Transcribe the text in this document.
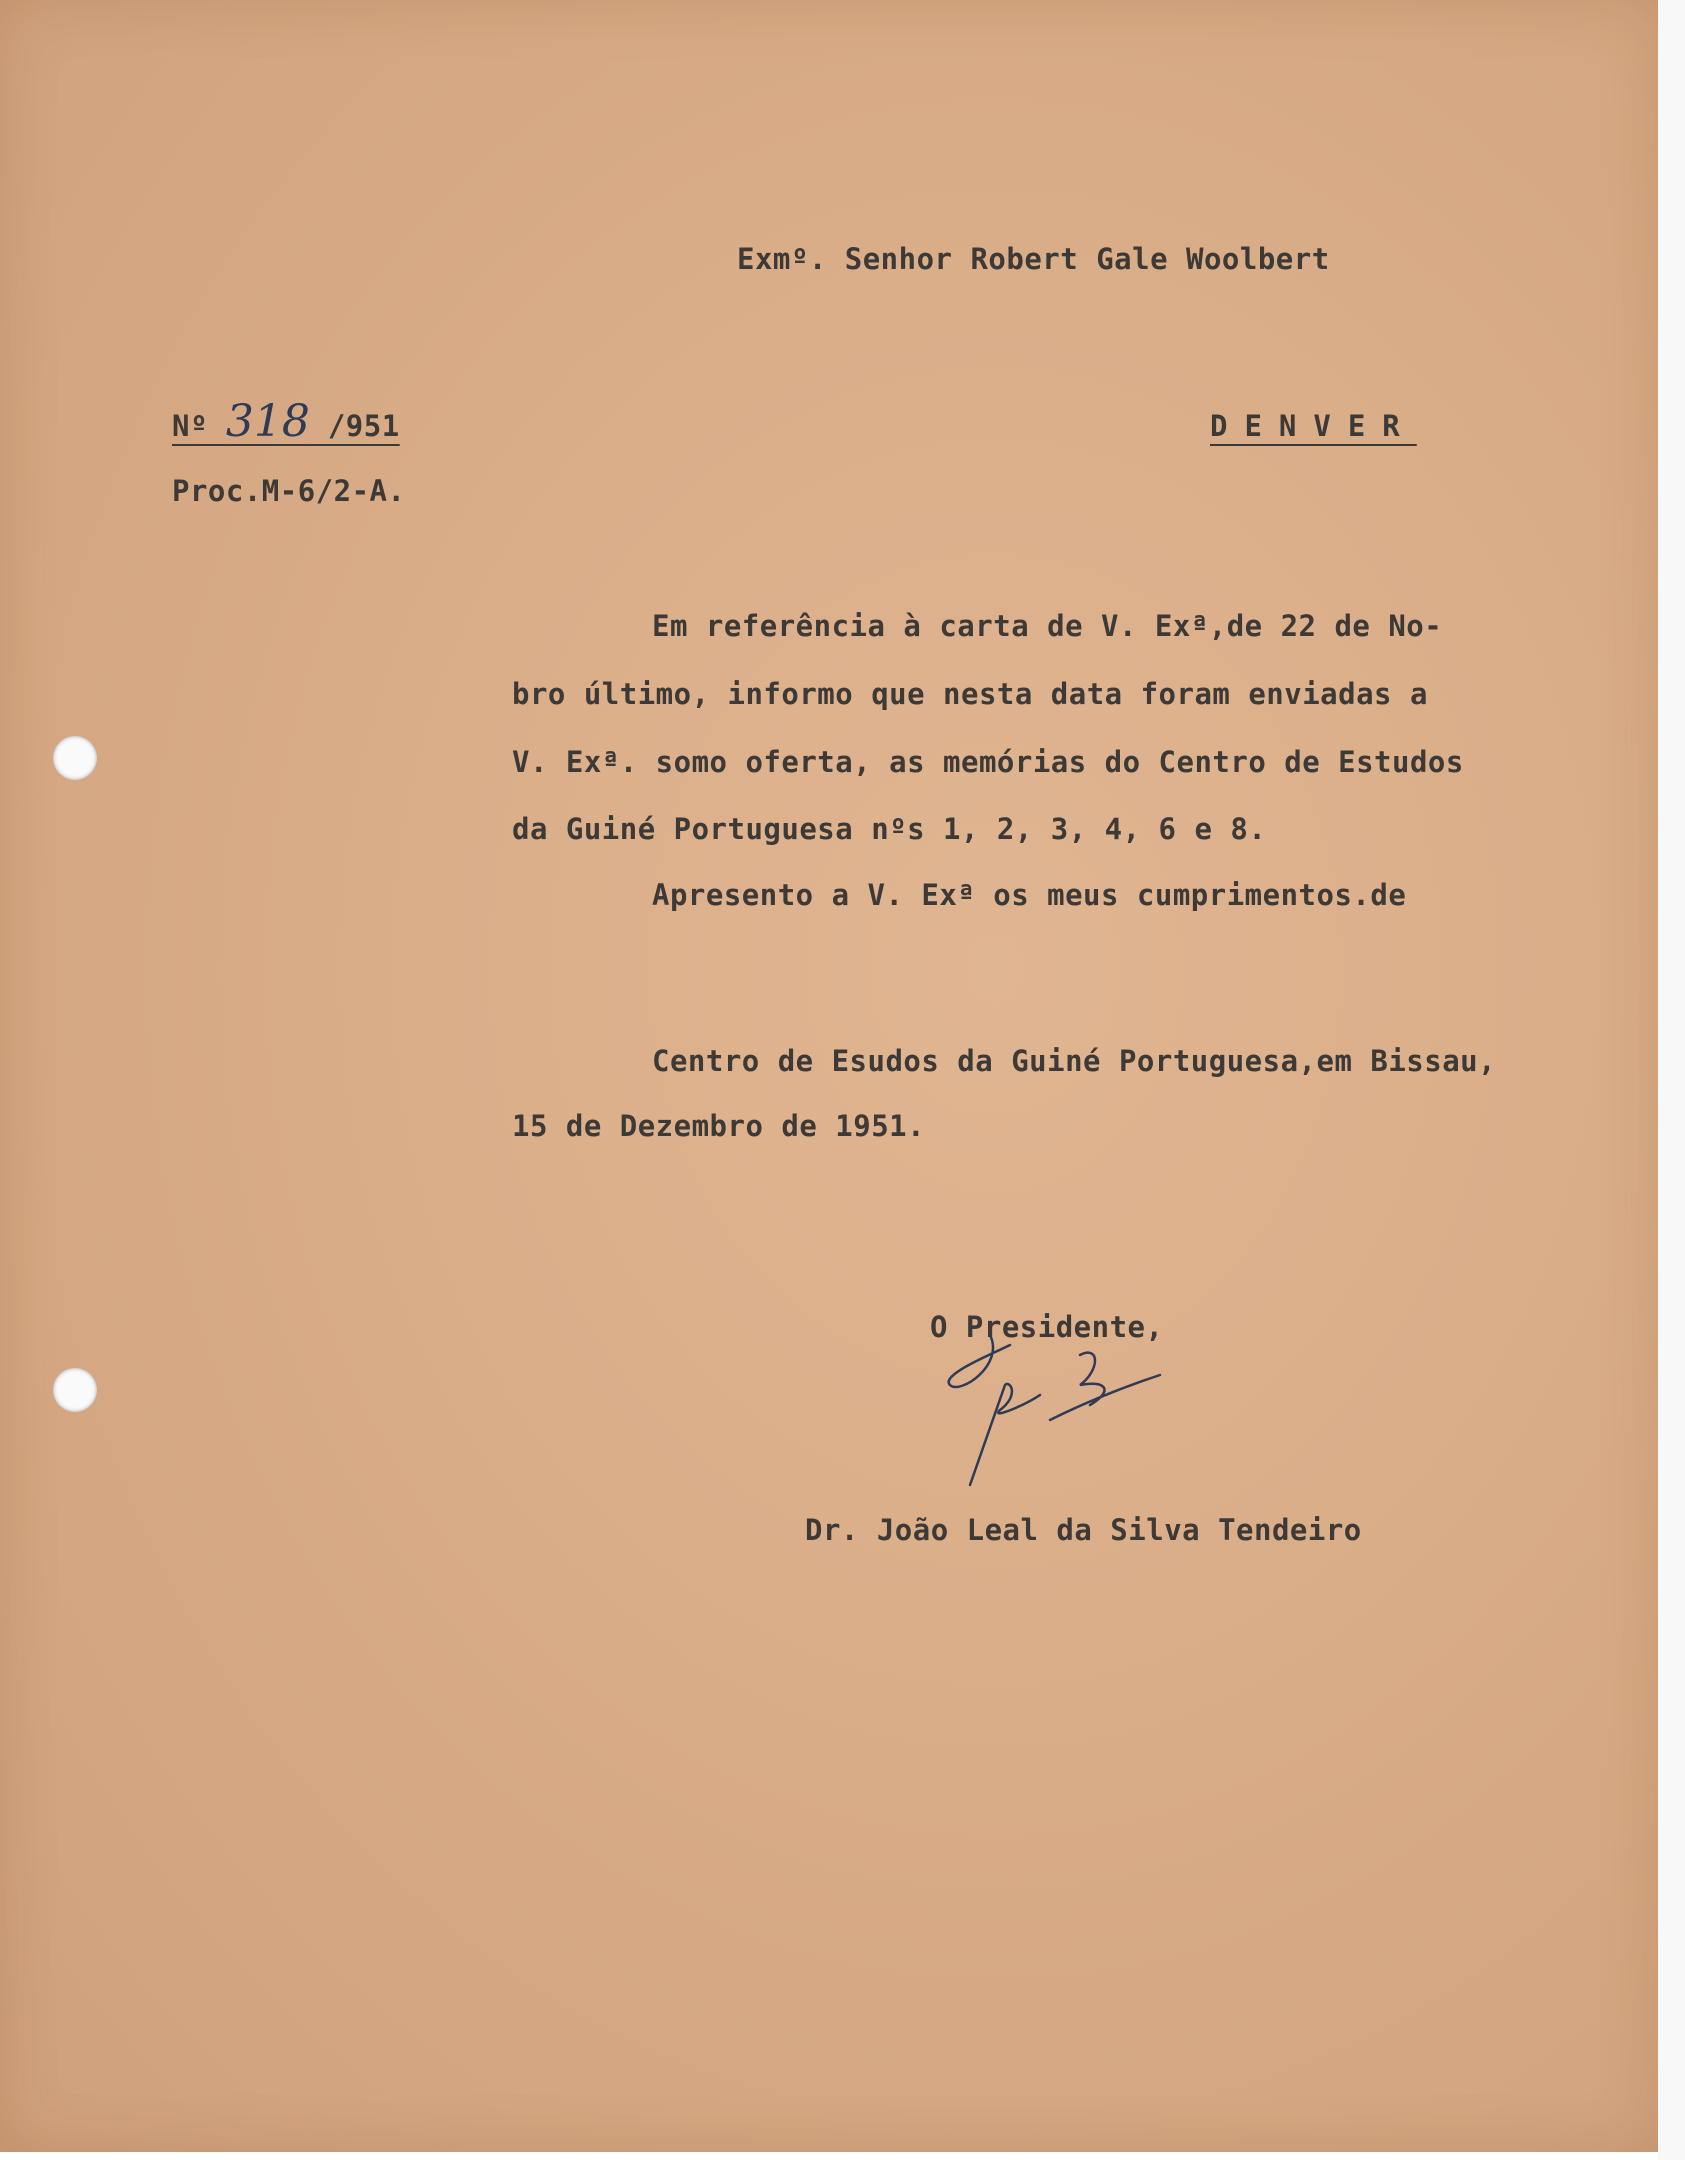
Exmº. Senhor Robert Gale Woolbert

Nº 318 /951	DENVER

Proc.M-6/2-A.

Em referência à carta de V. Exª,de 22 de No-

bro último, informo que nesta data foram enviadas a

V. Exª. somo oferta, as memórias do Centro de Estudos

da Guiné Portuguesa nºs 1, 2, 3, 4, 6 e 8.

Apresento a V. Exª os meus cumprimentos.de

Centro de Esudos da Guiné Portuguesa,em Bissau,

15 de Dezembro de 1951.

O Presidente,

Dr. João Leal da Silva Tendeiro
